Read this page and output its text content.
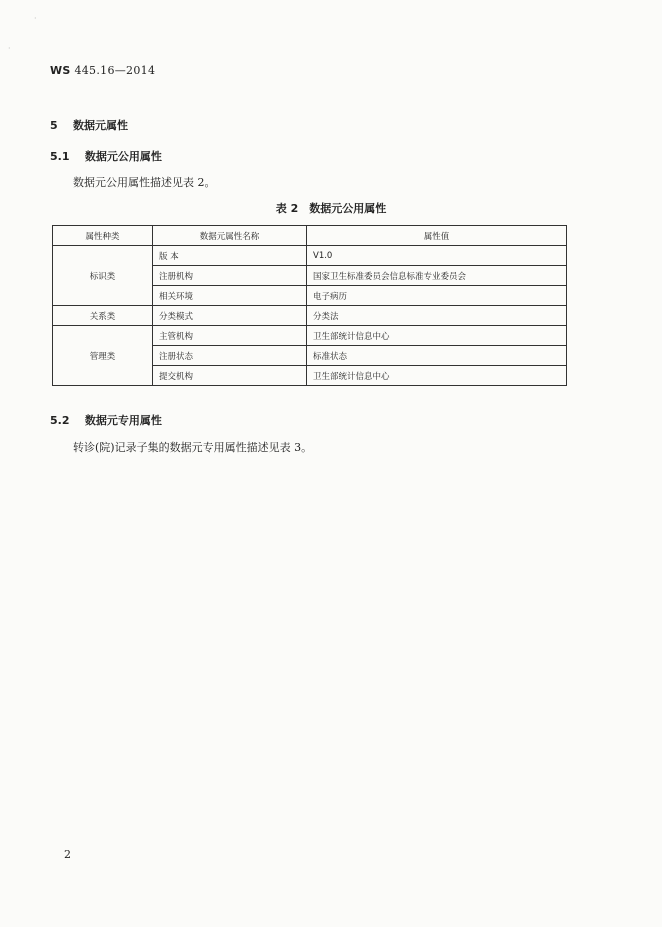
·
·
WS 445.16—2014
5 数据元属性
5.1 数据元公用属性
数据元公用属性描述见表 2。
表 2　数据元公用属性
属性种类	数据元属性名称	属性值
标识类	版 本	V1.0
	注册机构	国家卫生标准委员会信息标准专业委员会
	相关环境	电子病历
关系类	分类模式	分类法
管理类	主管机构	卫生部统计信息中心
	注册状态	标准状态
	提交机构	卫生部统计信息中心
5.2 数据元专用属性
转诊(院)记录子集的数据元专用属性描述见表 3。
2
